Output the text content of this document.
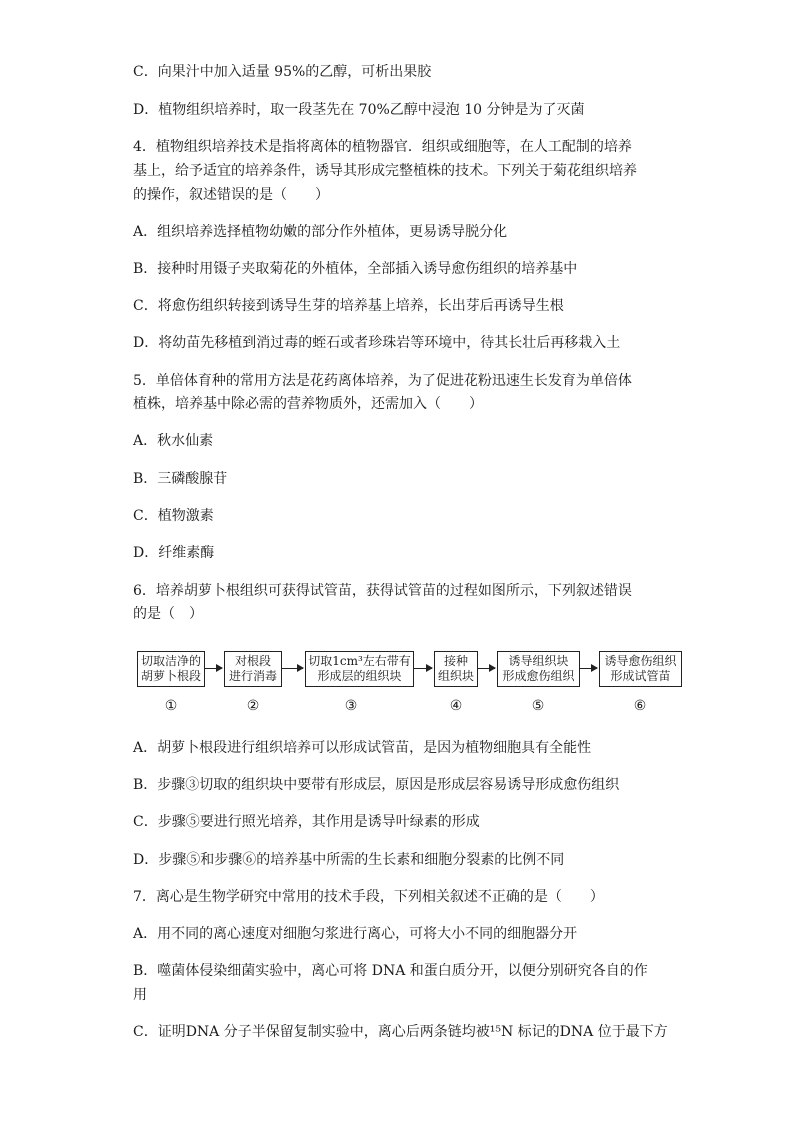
C．向果汁中加入适量 95%的乙醇，可析出果胶
D．植物组织培养时，取一段茎先在 70%乙醇中浸泡 10 分钟是为了灭菌
4．植物组织培养技术是指将离体的植物器官．组织或细胞等，在人工配制的培养
基上，给予适宜的培养条件，诱导其形成完整植株的技术。下列关于菊花组织培养
的操作，叙述错误的是（　　）
A．组织培养选择植物幼嫩的部分作外植体，更易诱导脱分化
B．接种时用镊子夹取菊花的外植体，全部插入诱导愈伤组织的培养基中
C．将愈伤组织转接到诱导生芽的培养基上培养，长出芽后再诱导生根
D．将幼苗先移植到消过毒的蛭石或者珍珠岩等环境中，待其长壮后再移栽入土
5．单倍体育种的常用方法是花药离体培养，为了促进花粉迅速生长发育为单倍体
植株，培养基中除必需的营养物质外，还需加入（　　）
A．秋水仙素
B．三磷酸腺苷
C．植物激素
D．纤维素酶
6．培养胡萝卜根组织可获得试管苗，获得试管苗的过程如图所示，下列叙述错误
的是（　）
切取洁净的
胡萝卜根段
对根段
进行消毒
切取1cm³左右带有
形成层的组织块
接种
组织块
诱导组织块
形成愈伤组织
诱导愈伤组织
形成试管苗
①	②	③	④	⑤	⑥
A．胡萝卜根段进行组织培养可以形成试管苗，是因为植物细胞具有全能性
B．步骤③切取的组织块中要带有形成层，原因是形成层容易诱导形成愈伤组织
C．步骤⑤要进行照光培养，其作用是诱导叶绿素的形成
D．步骤⑤和步骤⑥的培养基中所需的生长素和细胞分裂素的比例不同
7．离心是生物学研究中常用的技术手段，下列相关叙述不正确的是（　　）
A．用不同的离心速度对细胞匀浆进行离心，可将大小不同的细胞器分开
B．噬菌体侵染细菌实验中，离心可将 DNA 和蛋白质分开，以便分别研究各自的作
用
C．证明DNA 分子半保留复制实验中，离心后两条链均被¹⁵N 标记的DNA 位于最下方
